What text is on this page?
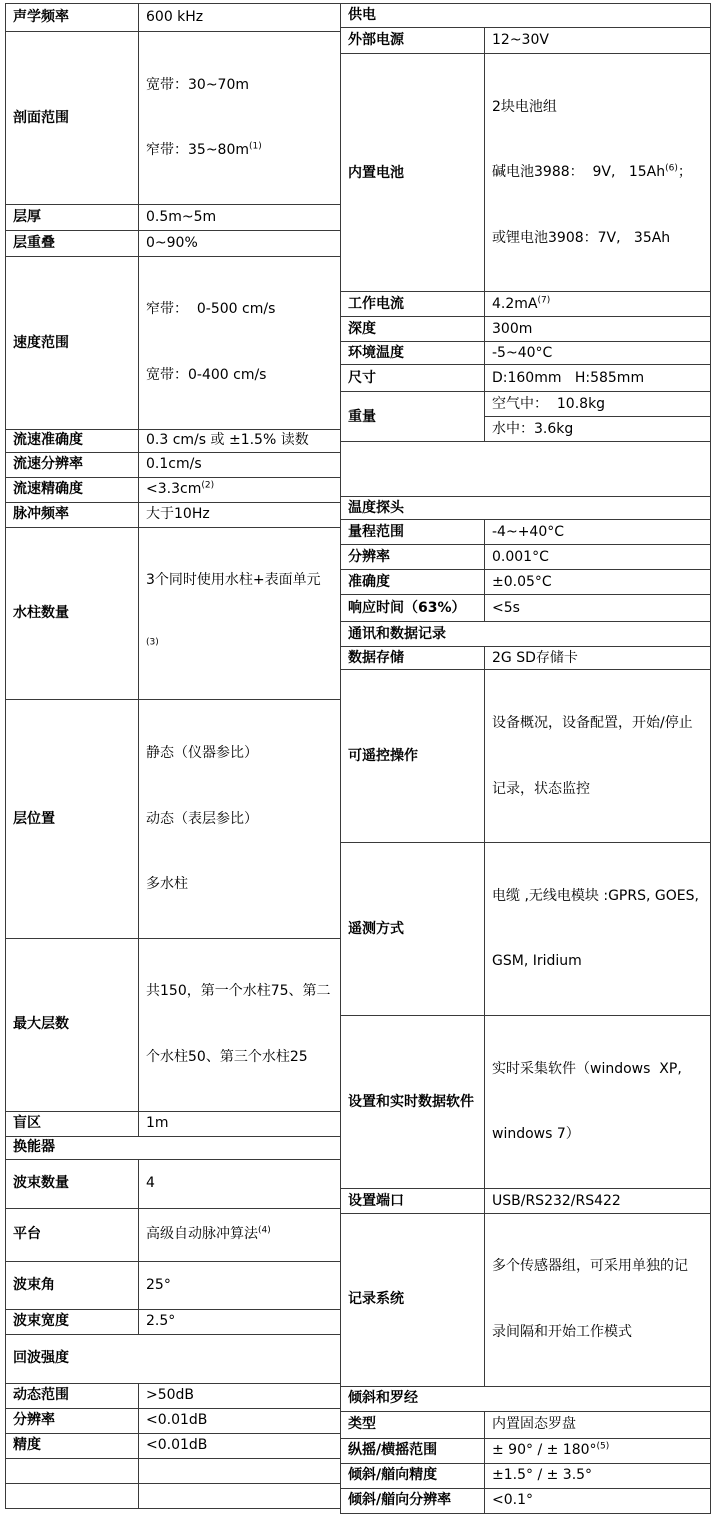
声学频率	600 kHz
剖面范围	宽带：30~70m

窄带：$35\sim 80m^{(1)}$

层厚	0.5m~5m
层重叠	0~90%
速度范围	窄带：  0-500 cm/s

宽带：0-400 cm/s

流速准确度	0.3 cm/s 或 ±1.5% 读数
流速分辨率	0.1cm/s
流速精确度	$<3.3cm^{(2)}$
脉冲频率	大于10Hz
水柱数量	3个同时使用水柱+表面单元

$^{(3)}$

层位置	静态（仪器参比）

动态（表层参比）

多水柱

最大层数	共150，第一个水柱75、第二

个水柱50、第三个水柱25

盲区	1m
换能器	
波束数量	4
平台	高级自动脉冲算法$^{(4)}$
波束角	25°
波束宽度	2.5°
回波强度	
动态范围	>50dB
分辨率	<0.01dB
精度	<0.01dB

供电	
外部电源	12~30V
内置电池	2块电池组

碱电池3988：  9V,   15Ah$^{(6)}$；

或锂电池3908：7V,   35Ah

工作电流	$4.2mA^{(7)}$
深度	300m
环境温度	-5~40°C
尺寸	D:160mm   H:585mm
重量	空气中：  10.8kg
	水中：3.6kg

温度探头	
量程范围	-4~+40°C
分辨率	0.001°C
准确度	±0.05°C
响应时间（63%）	<5s
通讯和数据记录	
数据存储	2G SD存储卡
可遥控操作	设备概况，设备配置，开始/停止

记录，状态监控

遥测方式	电缆 ,无线电模块 :GPRS, GOES,

GSM, Iridium

设置和实时数据软件	实时采集软件（windows  XP,

windows 7）

设置端口	USB/RS232/RS422
记录系统	多个传感器组，可采用单独的记

录间隔和开始工作模式

倾斜和罗经	
类型	内置固态罗盘
纵摇/横摇范围	± 90° / ± 180°$^{(5)}$
倾斜/艏向精度	±1.5° / ± 3.5°
倾斜/艏向分辨率	<0.1°
